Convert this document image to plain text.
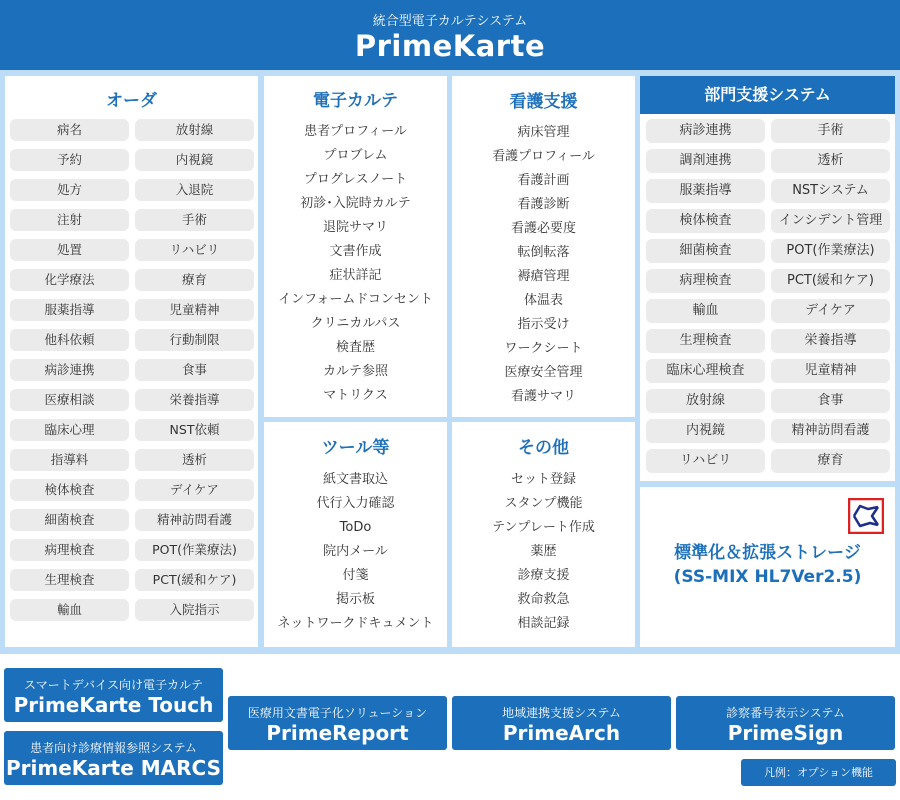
統合型電子カルテシステム
PrimeKarte
オーダ
病名	放射線
予約	内視鏡
処方	入退院
注射	手術
処置	リハビリ
化学療法	療育
服薬指導	児童精神
他科依頼	行動制限
病診連携	食事
医療相談	栄養指導
臨床心理	NST依頼
指導料	透析
検体検査	デイケア
細菌検査	精神訪問看護
病理検査	POT(作業療法)
生理検査	PCT(緩和ケア)
輸血	入院指示
電子カルテ
患者プロフィール
プロブレム
プログレスノート
初診･入院時カルテ
退院サマリ
文書作成
症状詳記
インフォームドコンセント
クリニカルパス
検査歴
カルテ参照
マトリクス
看護支援
病床管理
看護プロフィール
看護計画
看護診断
看護必要度
転倒転落
褥瘡管理
体温表
指示受け
ワークシート
医療安全管理
看護サマリ
ツール等
紙文書取込
代行入力確認
ToDo
院内メール
付箋
掲示板
ネットワークドキュメント
その他
セット登録
スタンプ機能
テンプレート作成
薬歴
診療支援
救命救急
相談記録
部門支援システム
病診連携	手術
調剤連携	透析
服薬指導	NSTシステム
検体検査	インシデント管理
細菌検査	POT(作業療法)
病理検査	PCT(緩和ケア)
輸血	デイケア
生理検査	栄養指導
臨床心理検査	児童精神
放射線	食事
内視鏡	精神訪問看護
リハビリ	療育
標準化＆拡張ストレージ
(SS-MIX HL7Ver2.5)
スマートデバイス向け電子カルテ
PrimeKarte Touch
患者向け診療情報参照システム
PrimeKarte MARCS
医療用文書電子化ソリューション
PrimeReport
地域連携支援システム
PrimeArch
診察番号表示システム
PrimeSign
凡例：オプション機能
